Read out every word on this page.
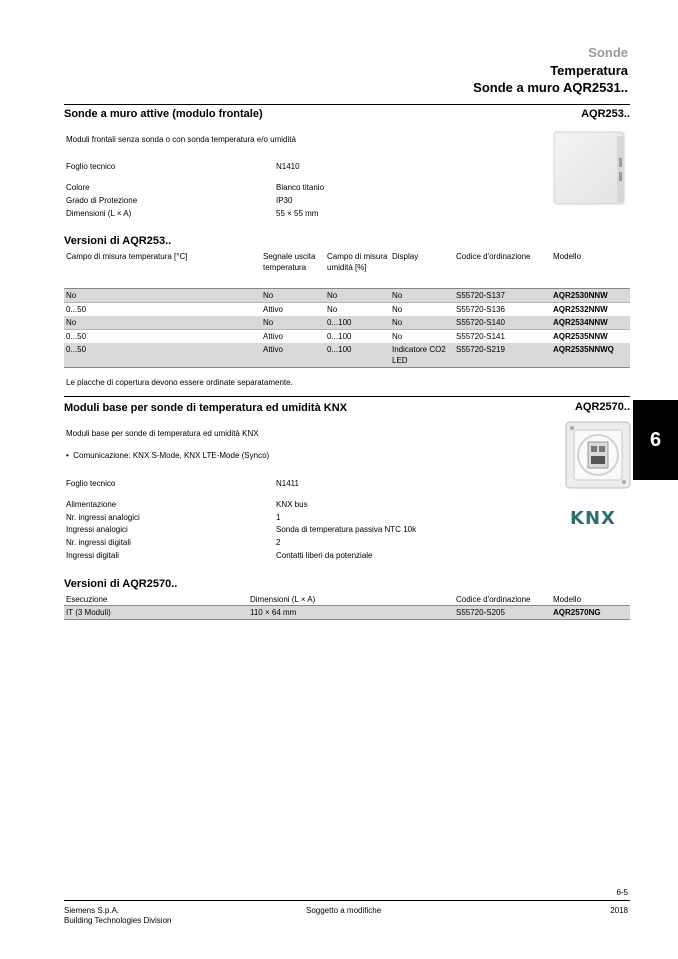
Sonde
Temperatura
Sonde a muro AQR2531..
Sonde a muro attive (modulo frontale)	AQR253..
Moduli frontali senza sonda o con sonda temperatura e/o umidità
Foglio tecnico	N1410
Colore	Bianco titanio
Grado di Protezione	IP30
Dimensioni (L × A)	55 × 55 mm
Versioni di AQR253..
Campo di misura temperatura [°C]	Segnale uscita temperatura	Campo di misura umidità [%]	Display	Codice d'ordinazione	Modello
No	No	No	No	S55720-S137	AQR2530NNW
0...50	Attivo	No	No	S55720-S136	AQR2532NNW
No	No	0...100	No	S55720-S140	AQR2534NNW
0...50	Attivo	0...100	No	S55720-S141	AQR2535NNW
0...50	Attivo	0...100	Indicatore CO2 LED	S55720-S219	AQR2535NNWQ
Le placche di copertura devono essere ordinate separatamente.
Moduli base per sonde di temperatura ed umidità KNX	AQR2570..
Moduli base per sonde di temperatura ed umidità KNX
•  Comunicazione: KNX S-Mode, KNX LTE-Mode (Synco)
KNX
Foglio tecnico	N1411
Alimentazione	KNX bus
Nr. ingressi analogici	1
Ingressi analogici	Sonda di temperatura passiva NTC 10k
Nr. ingressi digitali	2
Ingressi digitali	Contatti liberi da potenziale
Versioni di AQR2570..
Esecuzione	Dimensioni (L × A)	Codice d'ordinazione	Modello
IT (3 Moduli)	110 × 64 mm	S55720-S205	AQR2570NG
6
6-5
Siemens S.p.A.
Building Technologies Division
Soggetto a modifiche	2018
